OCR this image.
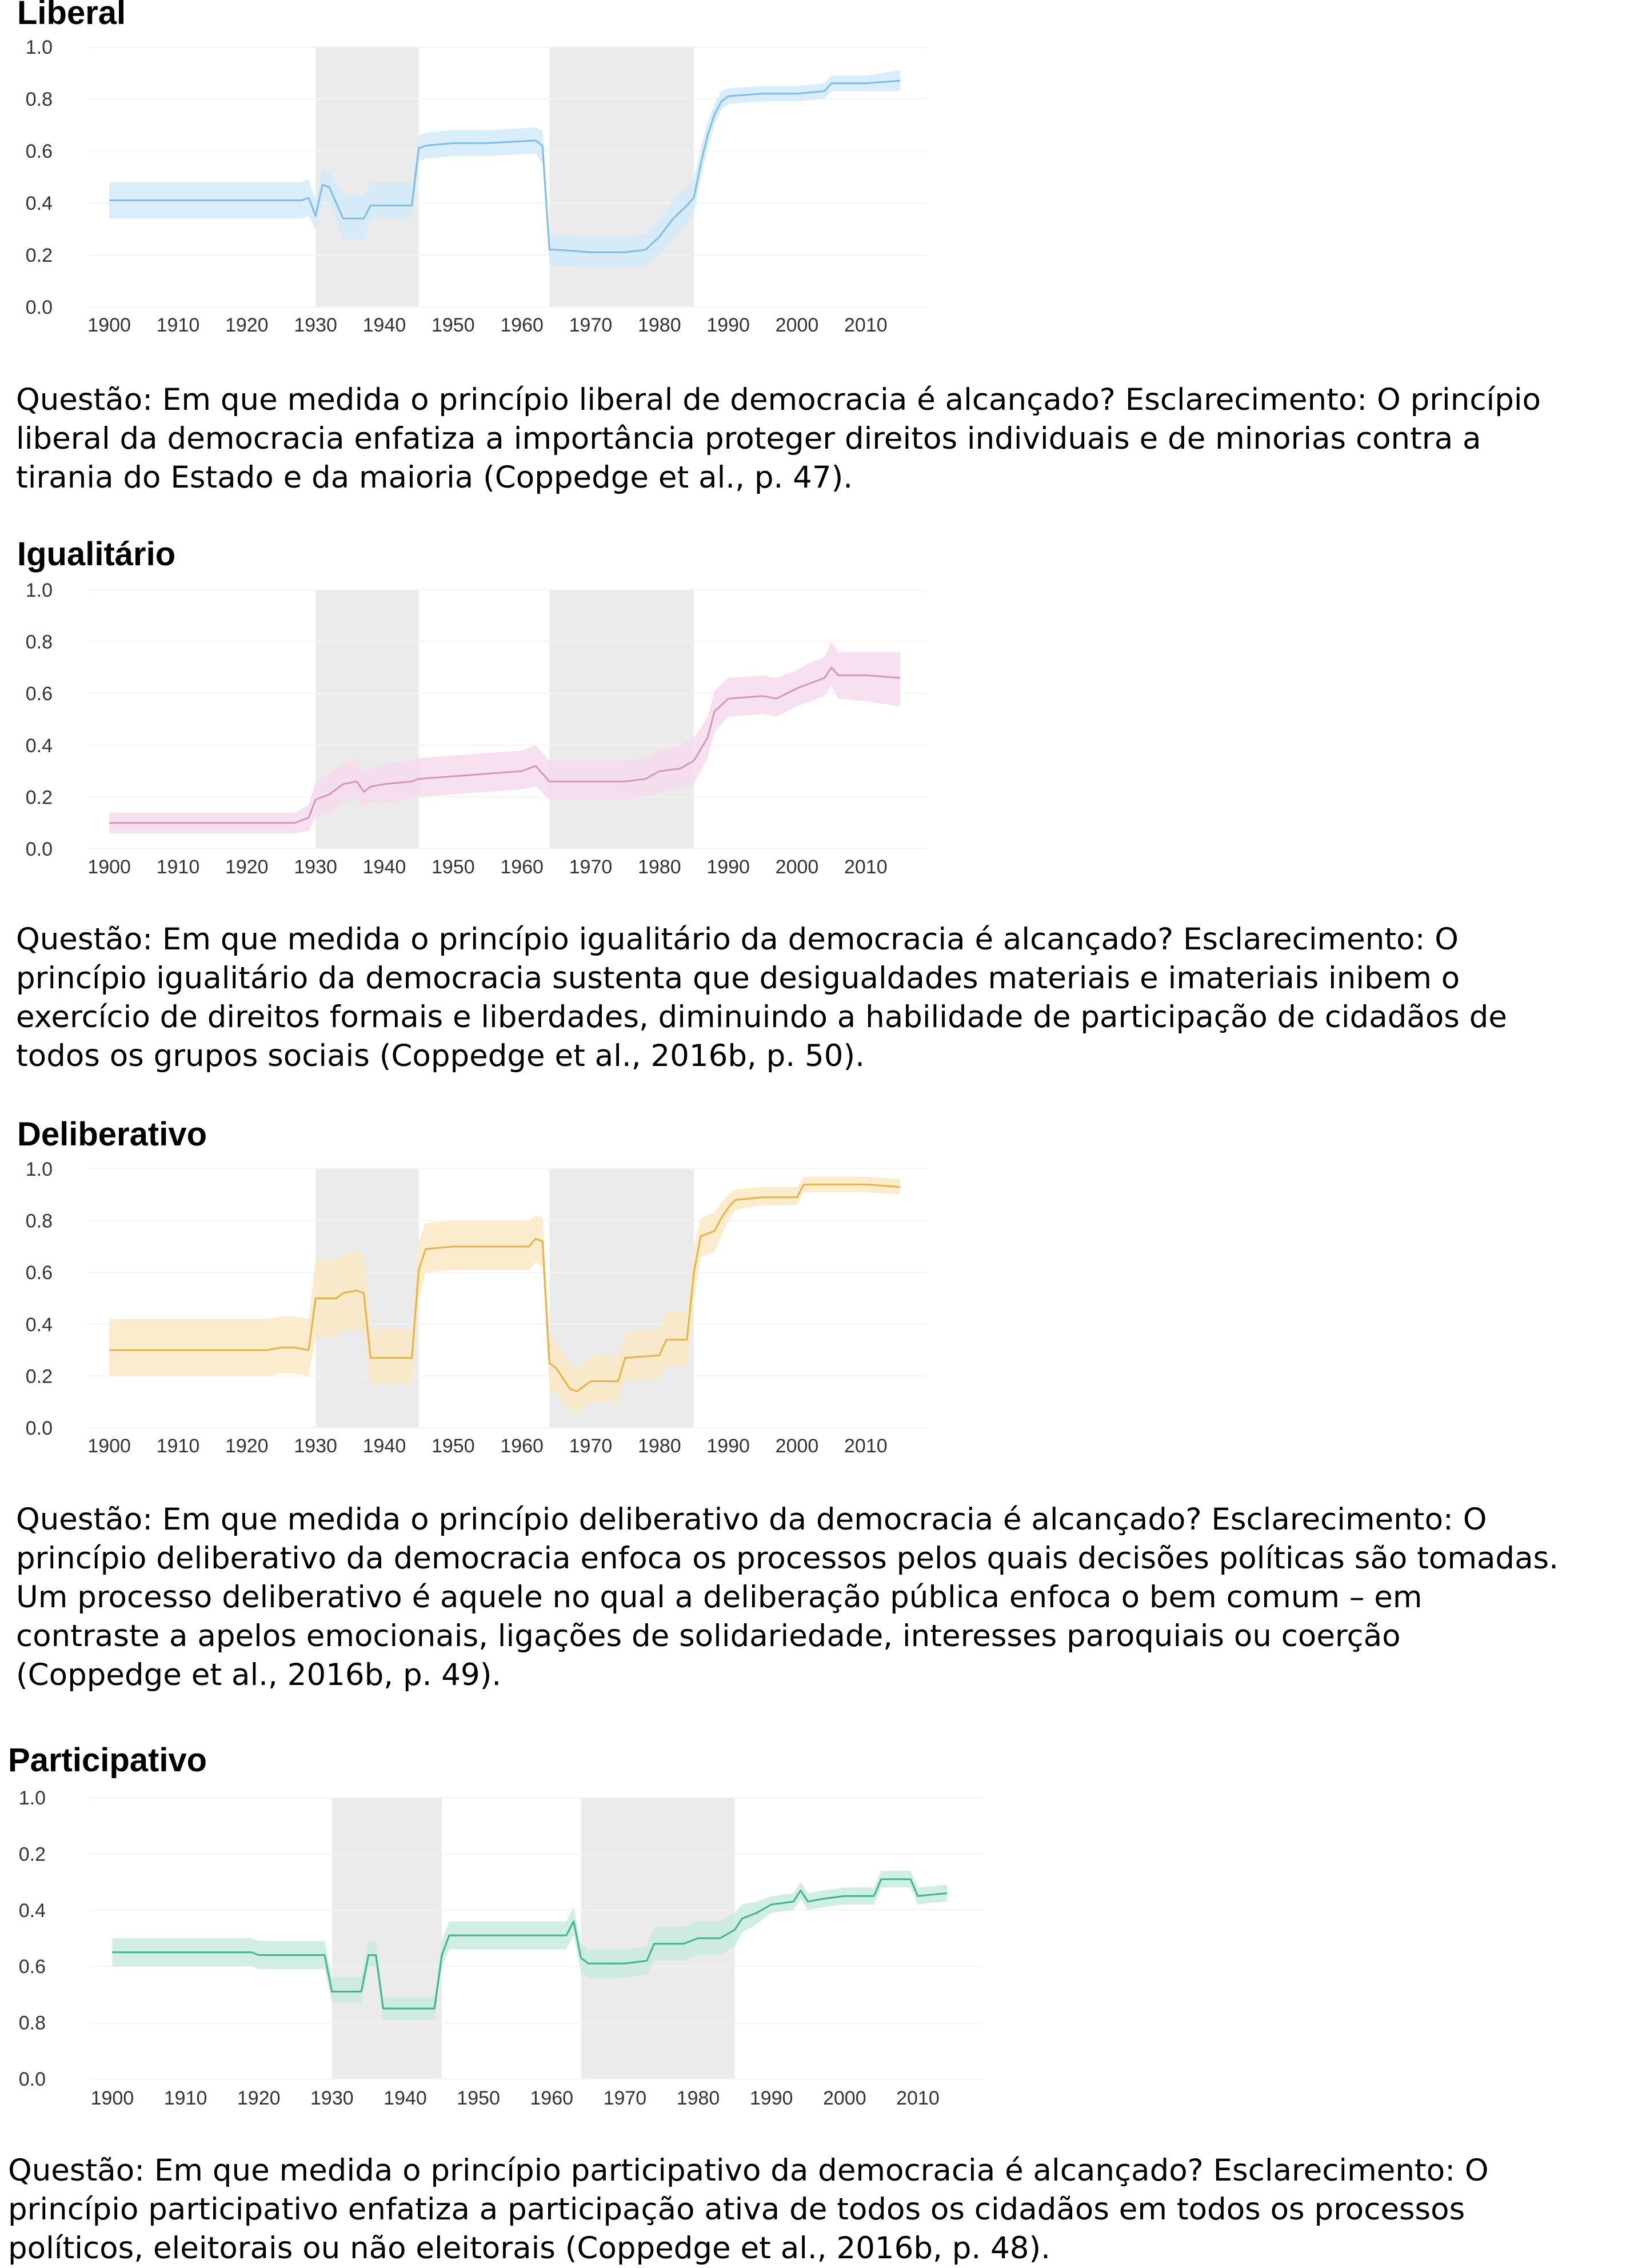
Liberal
0.0
0.2
0.4
0.6
0.8
1.0
1900 1910 1920 1930 1940 1950 1960 1970 1980 1990 2000 2010

Questão: Em que medida o princípio liberal de democracia é alcançado? Esclarecimento: O princípio

liberal da democracia enfatiza a importância proteger direitos individuais e de minorias contra a

tirania do Estado e da maioria (Coppedge et al., p. 47).

Igualitário
0.0
0.2
0.4
0.6
0.8
1.0
1900 1910 1920 1930 1940 1950 1960 1970 1980 1990 2000 2010

Questão: Em que medida o princípio igualitário da democracia é alcançado? Esclarecimento: O

princípio igualitário da democracia sustenta que desigualdades materiais e imateriais inibem o

exercício de direitos formais e liberdades, diminuindo a habilidade de participação de cidadãos de

todos os grupos sociais (Coppedge et al., 2016b, p. 50).

Deliberativo
0.0
0.2
0.4
0.6
0.8
1.0
1900 1910 1920 1930 1940 1950 1960 1970 1980 1990 2000 2010

Questão: Em que medida o princípio deliberativo da democracia é alcançado? Esclarecimento: O

princípio deliberativo da democracia enfoca os processos pelos quais decisões políticas são tomadas.

Um processo deliberativo é aquele no qual a deliberação pública enfoca o bem comum – em

contraste a apelos emocionais, ligações de solidariedade, interesses paroquiais ou coerção

(Coppedge et al., 2016b, p. 49).

Participativo
0.0
0.8
0.6
0.4
0.2
1.0
1900 1910 1920 1930 1940 1950 1960 1970 1980 1990 2000 2010

Questão: Em que medida o princípio participativo da democracia é alcançado? Esclarecimento: O

princípio participativo enfatiza a participação ativa de todos os cidadãos em todos os processos

políticos, eleitorais ou não eleitorais (Coppedge et al., 2016b, p. 48).
